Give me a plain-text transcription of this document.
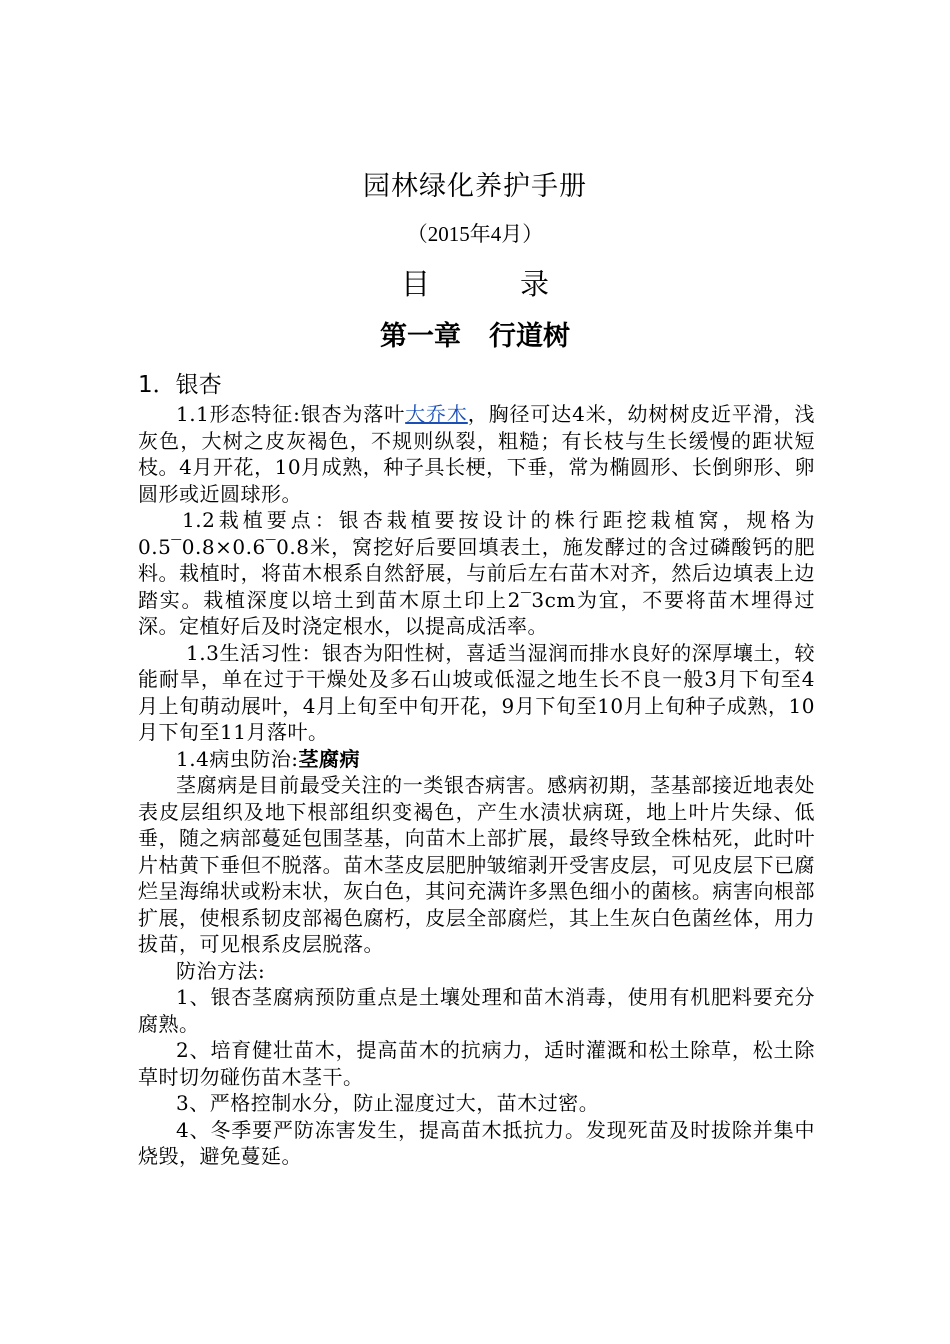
园林绿化养护手册
（2015年4月）
目	录
第一章 行道树
1．银杏

1.1形态特征:银杏为落叶大乔木，胸径可达4米，幼树树皮近平滑，浅灰色，大树之皮灰褐色，不规则纵裂，粗糙；有长枝与生长缓慢的距状短枝。4月开花，10月成熟，种子具长梗，下垂，常为椭圆形、长倒卵形、卵圆形或近圆球形。

1.2栽植要点：银杏栽植要按设计的株行距挖栽植窝，规格为0.5‾0.8×0.6‾0.8米，窝挖好后要回填表土，施发酵过的含过磷酸钙的肥料。栽植时，将苗木根系自然舒展，与前后左右苗木对齐，然后边填表上边踏实。栽植深度以培土到苗木原土印上2‾3cm为宜，不要将苗木埋得过深。定植好后及时浇定根水，以提高成活率。

1.3生活习性：银杏为阳性树，喜适当湿润而排水良好的深厚壤土，较能耐旱，单在过于干燥处及多石山坡或低湿之地生长不良一般3月下旬至4月上旬萌动展叶，4月上旬至中旬开花，9月下旬至10月上旬种子成熟，10月下旬至11月落叶。

1.4病虫防治:茎腐病

茎腐病是目前最受关注的一类银杏病害。感病初期，茎基部接近地表处表皮层组织及地下根部组织变褐色，产生水渍状病斑，地上叶片失绿、低垂，随之病部蔓延包围茎基，向苗木上部扩展，最终导致全株枯死，此时叶片枯黄下垂但不脱落。苗木茎皮层肥肿皱缩剥开受害皮层，可见皮层下已腐烂呈海绵状或粉末状，灰白色，其问充满许多黑色细小的菌核。病害向根部扩展，使根系韧皮部褐色腐朽，皮层全部腐烂，其上生灰白色菌丝体，用力拔苗，可见根系皮层脱落。

防治方法:

1、银杏茎腐病预防重点是土壤处理和苗木消毒，使用有机肥料要充分腐熟。

2、培育健壮苗木，提高苗木的抗病力，适时灌溉和松土除草，松土除草时切勿碰伤苗木茎干。

3、严格控制水分，防止湿度过大，苗木过密。

4、冬季要严防冻害发生，提高苗木抵抗力。发现死苗及时拔除并集中烧毁，避免蔓延。
